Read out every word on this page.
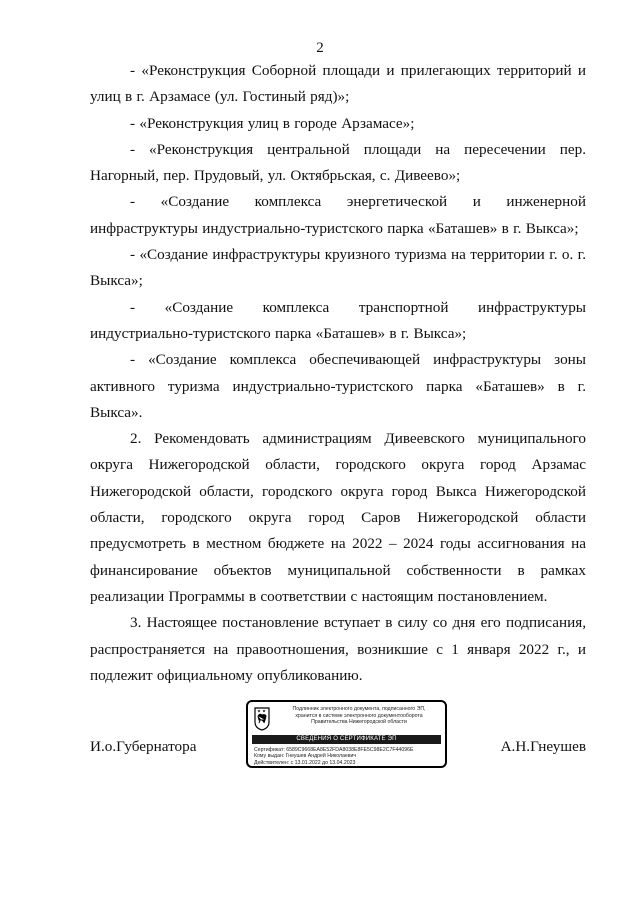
2

- «Реконструкция Соборной площади и прилегающих территорий и улиц в г. Арзамасе (ул. Гостиный ряд)»;

- «Реконструкция улиц в городе Арзамасе»;

- «Реконструкция центральной площади на пересечении пер. Нагорный, пер. Прудовый, ул. Октябрьская, с. Дивеево»;

- «Создание комплекса энергетической и инженерной инфраструктуры индустриально-туристского парка «Баташев» в г. Выкса»;

- «Создание инфраструктуры круизного туризма на территории г. о. г. Выкса»;

- «Создание комплекса транспортной инфраструктуры индустриально-туристского парка «Баташев» в г. Выкса»;

- «Создание комплекса обеспечивающей инфраструктуры зоны активного туризма индустриально-туристского парка «Баташев» в г. Выкса».

2. Рекомендовать администрациям Дивеевского муниципального округа Нижегородской области, городского округа город Арзамас Нижегородской области, городского округа город Выкса Нижегородской области, городского округа город Саров Нижегородской области предусмотреть в местном бюджете на 2022 – 2024 годы ассигнования на финансирование объектов муниципальной собственности в рамках реализации Программы в соответствии с настоящим постановлением.

3. Настоящее постановление вступает в силу со дня его подписания, распространяется на правоотношения, возникшие с 1 января 2022 г., и подлежит официальному опубликованию.

И.о.Губернатора	А.Н.Гнеушев
Подлинник электронного документа, подписанного ЭП,
хранится в системе электронного документооборота
Правительства Нижегородской области
СВЕДЕНИЯ О СЕРТИФИКАТЕ ЭП
Сертификат: 6589C9668EA8E52FDA8038E8FE5C98E2C7F44096E
Кому выдан: Гнеушев Андрей Николаевич
Действителен: с 13.01.2022 до 13.04.2023
